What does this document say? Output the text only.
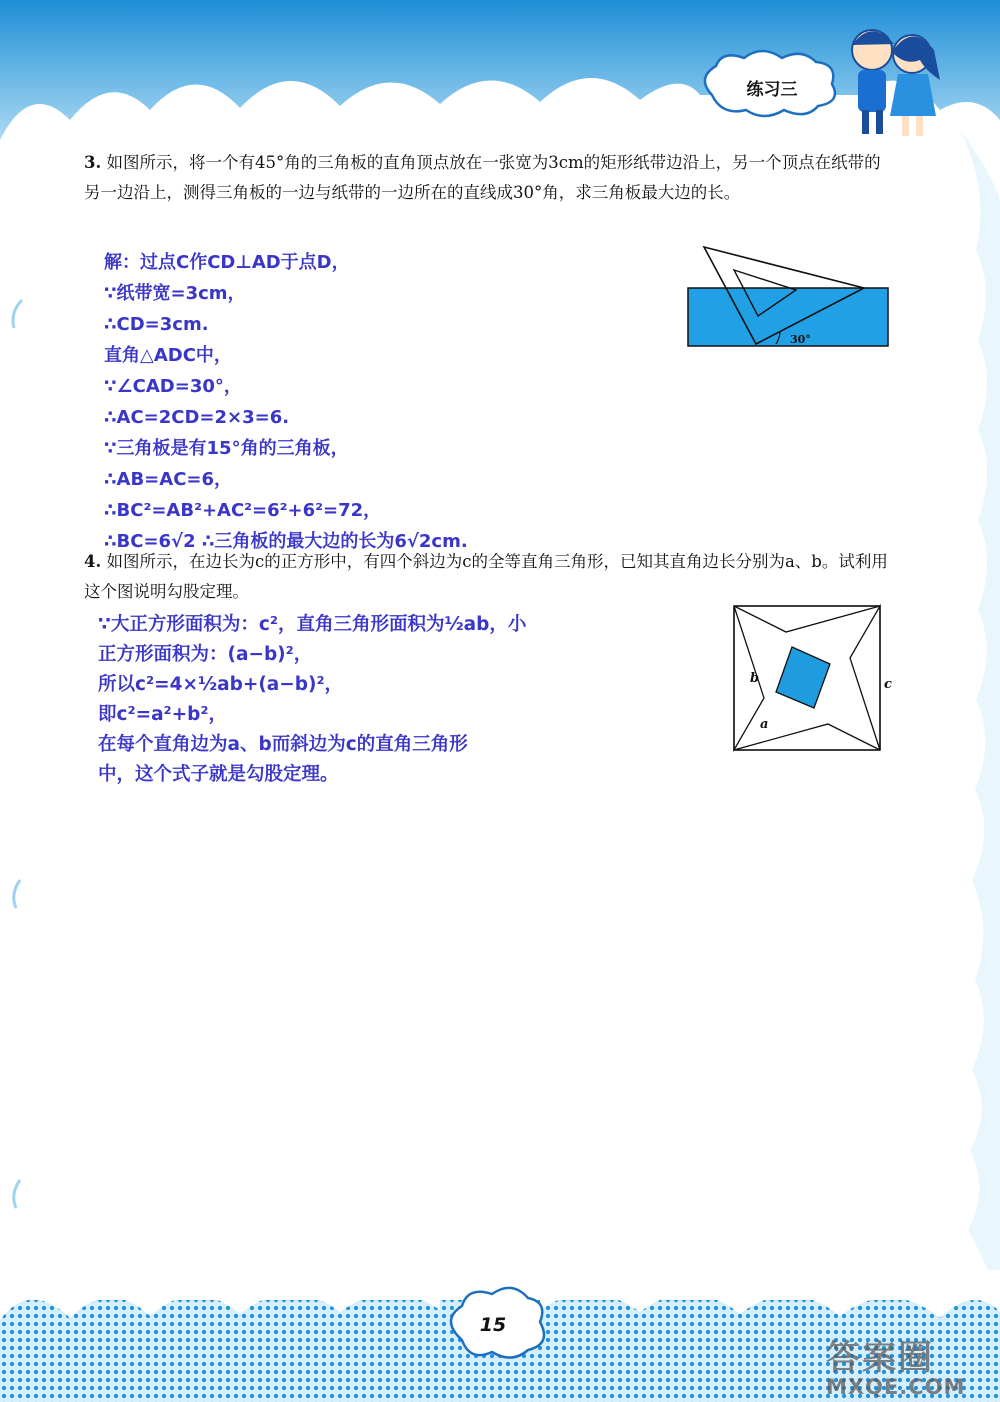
练习三
3. 如图所示，将一个有45°角的三角板的直角顶点放在一张宽为3cm的矩形纸带边沿上，另一个顶点在纸带的另一边沿上，测得三角板的一边与纸带的一边所在的直线成30°角，求三角板最大边的长。
30°
解：过点C作CD⊥AD于点D，
∵纸带宽=3cm，
∴CD=3cm.
直角△ADC中，
∵∠CAD=30°，
∴AC=2CD=2×3=6.
∵三角板是有15°角的三角板，
∴AB=AC=6，
∴BC²=AB²+AC²=6²+6²=72，
∴BC=6√2 ∴三角板的最大边的长为6√2cm.
4. 如图所示，在边长为c的正方形中，有四个斜边为c的全等直角三角形，已知其直角边长分别为a、b。试利用这个图说明勾股定理。
b
a
c
∵大正方形面积为：c²，直角三角形面积为½ab，小
正方形面积为：(a−b)²，
所以c²=4×½ab+(a−b)²，
即c²=a²+b²，
在每个直角边为a、b而斜边为c的直角三角形
中，这个式子就是勾股定理。
15
答案圈
MXQE.COM
